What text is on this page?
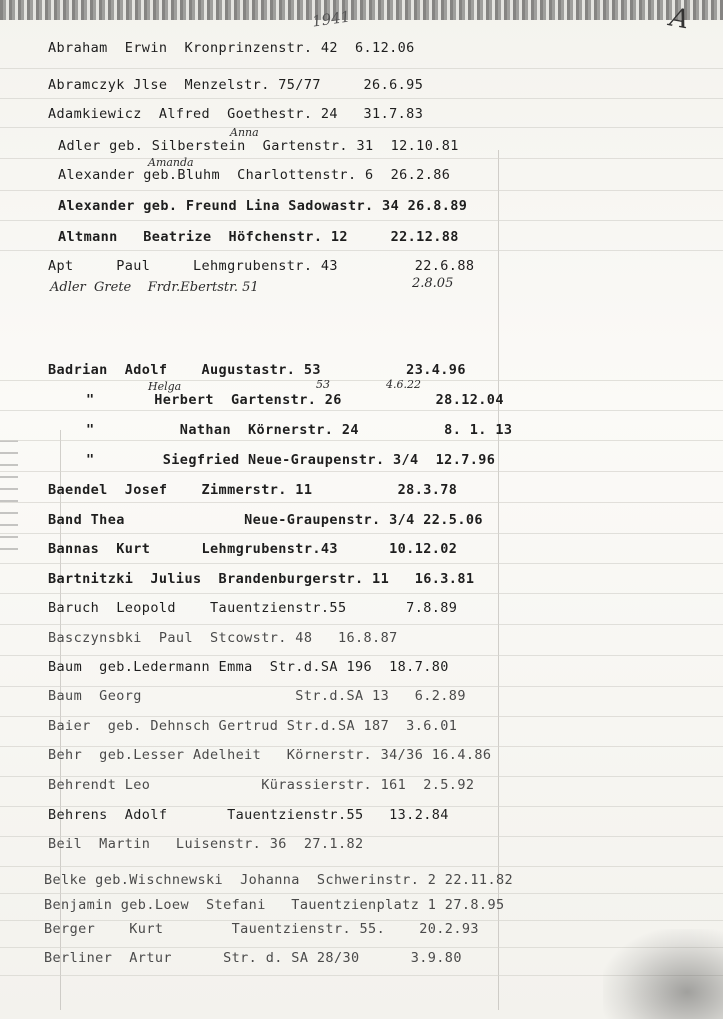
1941	A
Abraham  Erwin  Kronprinzenstr. 42  6.12.06
Abramczyk Jlse  Menzelstr. 75/77     26.6.95
Adamkiewicz  Alfred  Goethestr. 24   31.7.83
Adler geb. Silberstein  Gartenstr. 31  12.10.81
Alexander geb.Bluhm  Charlottenstr. 6  26.2.86
Alexander geb. Freund Lina Sadowastr. 34 26.8.89
Altmann   Beatrize  Höfchenstr. 12     22.12.88
Apt     Paul     Lehmgrubenstr. 43         22.6.88
Adler  Grete    Frdr.Ebertstr. 51	2.8.05
Badrian  Adolf    Augustastr. 53          23.4.96
53
Helga	4.6.22
"       Herbert  Gartenstr. 26           28.12.04
"          Nathan  Körnerstr. 24          8. 1. 13
"        Siegfried Neue-Graupenstr. 3/4  12.7.96
Baendel  Josef    Zimmerstr. 11          28.3.78
Band Thea              Neue-Graupenstr. 3/4 22.5.06
Bannas  Kurt      Lehmgrubenstr.43      10.12.02
Bartnitzki  Julius  Brandenburgerstr. 11   16.3.81
Baruch  Leopold    Tauentzienstr.55       7.8.89
Basczynsbki  Paul  Stcowstr. 48   16.8.87
Baum  geb.Ledermann Emma  Str.d.SA 196  18.7.80
Baum  Georg                  Str.d.SA 13   6.2.89
Baier  geb. Dehnsch Gertrud Str.d.SA 187  3.6.01
Behr  geb.Lesser Adelheit   Körnerstr. 34/36 16.4.86
Behrendt Leo             Kürassierstr. 161  2.5.92
Behrens  Adolf       Tauentzienstr.55   13.2.84
Beil  Martin   Luisenstr. 36  27.1.82
Belke geb.Wischnewski  Johanna  Schwerinstr. 2 22.11.82
Benjamin geb.Loew  Stefani   Tauentzienplatz 1 27.8.95
Berger    Kurt        Tauentzienstr. 55.    20.2.93
Berliner  Artur      Str. d. SA 28/30      3.9.80
Anna
Amanda
